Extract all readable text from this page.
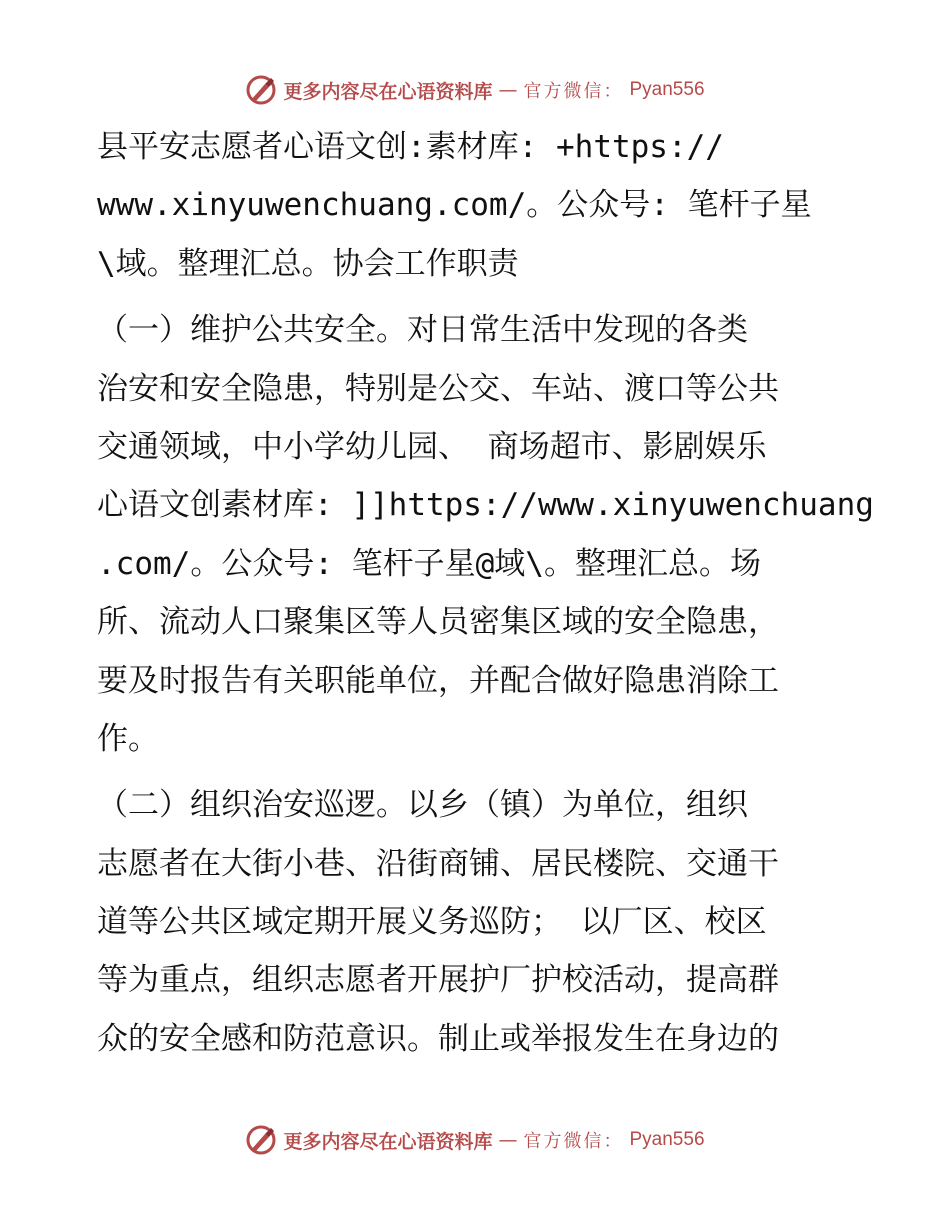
更多内容尽在心语资料库 — 官方微信： Pyan556
县平安志愿者心语文创:素材库: +https://
www.xinyuwenchuang.com/。公众号: 笔杆子星
\域。整理汇总。协会工作职责
（一）维护公共安全。对日常生活中发现的各类
治安和安全隐患，特别是公交、车站、渡口等公共
交通领域，中小学幼儿园、 商场超市、影剧娱乐
心语文创素材库: ]]https://www.xinyuwenchuang
.com/。公众号: 笔杆子星@域\。整理汇总。场
所、流动人口聚集区等人员密集区域的安全隐患，
要及时报告有关职能单位，并配合做好隐患消除工
作。
（二）组织治安巡逻。以乡（镇）为单位，组织
志愿者在大街小巷、沿街商铺、居民楼院、交通干
道等公共区域定期开展义务巡防； 以厂区、校区
等为重点，组织志愿者开展护厂护校活动，提高群
众的安全感和防范意识。制止或举报发生在身边的
更多内容尽在心语资料库 — 官方微信： Pyan556
